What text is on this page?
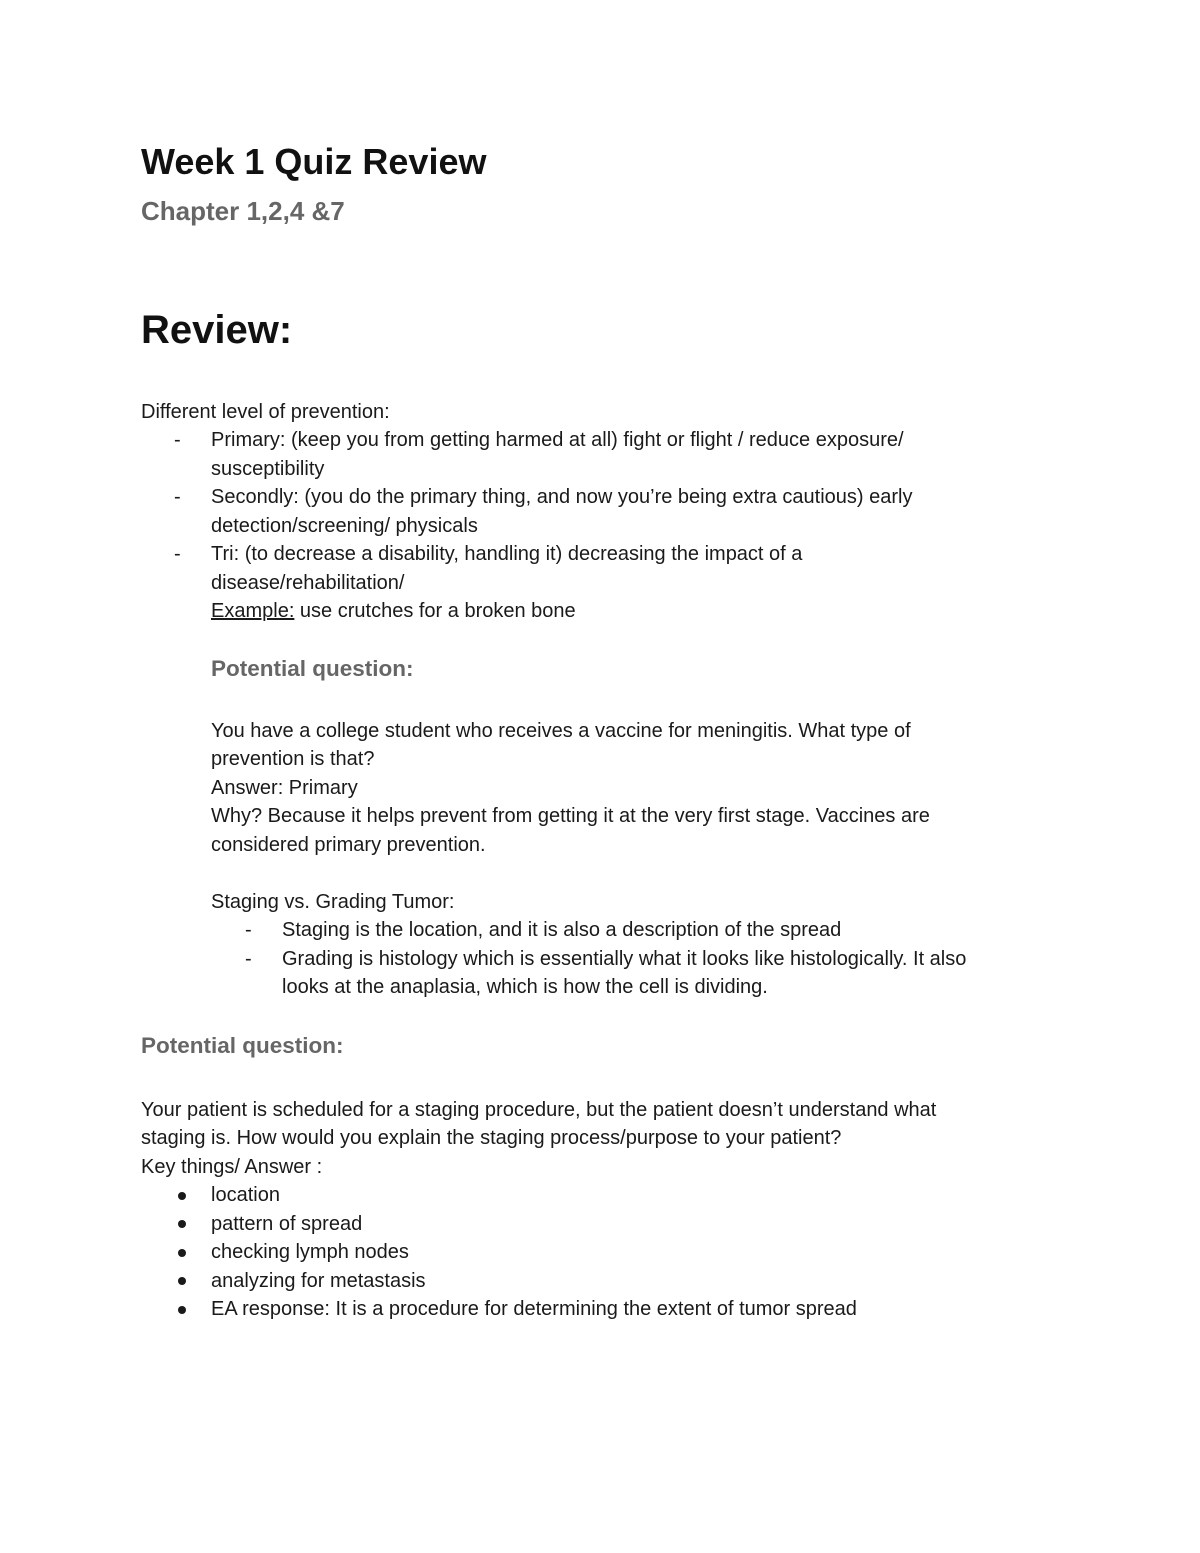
Week 1 Quiz Review
Chapter 1,2,4 &7
Review:
Different level of prevention:
- Primary: (keep you from getting harmed at all) fight or flight / reduce exposure/
susceptibility
- Secondly: (you do the primary thing, and now you’re being extra cautious) early
detection/screening/ physicals
- Tri: (to decrease a disability, handling it) decreasing the impact of a
disease/rehabilitation/
Example: use crutches for a broken bone
Potential question:
You have a college student who receives a vaccine for meningitis. What type of
prevention is that?
Answer: Primary
Why? Because it helps prevent from getting it at the very first stage. Vaccines are
considered primary prevention.
Staging vs. Grading Tumor:
- Staging is the location, and it is also a description of the spread
- Grading is histology which is essentially what it looks like histologically. It also
looks at the anaplasia, which is how the cell is dividing.
Potential question:
Your patient is scheduled for a staging procedure, but the patient doesn’t understand what
staging is. How would you explain the staging process/purpose to your patient?
Key things/ Answer :
location
pattern of spread
checking lymph nodes
analyzing for metastasis
EA response: It is a procedure for determining the extent of tumor spread
